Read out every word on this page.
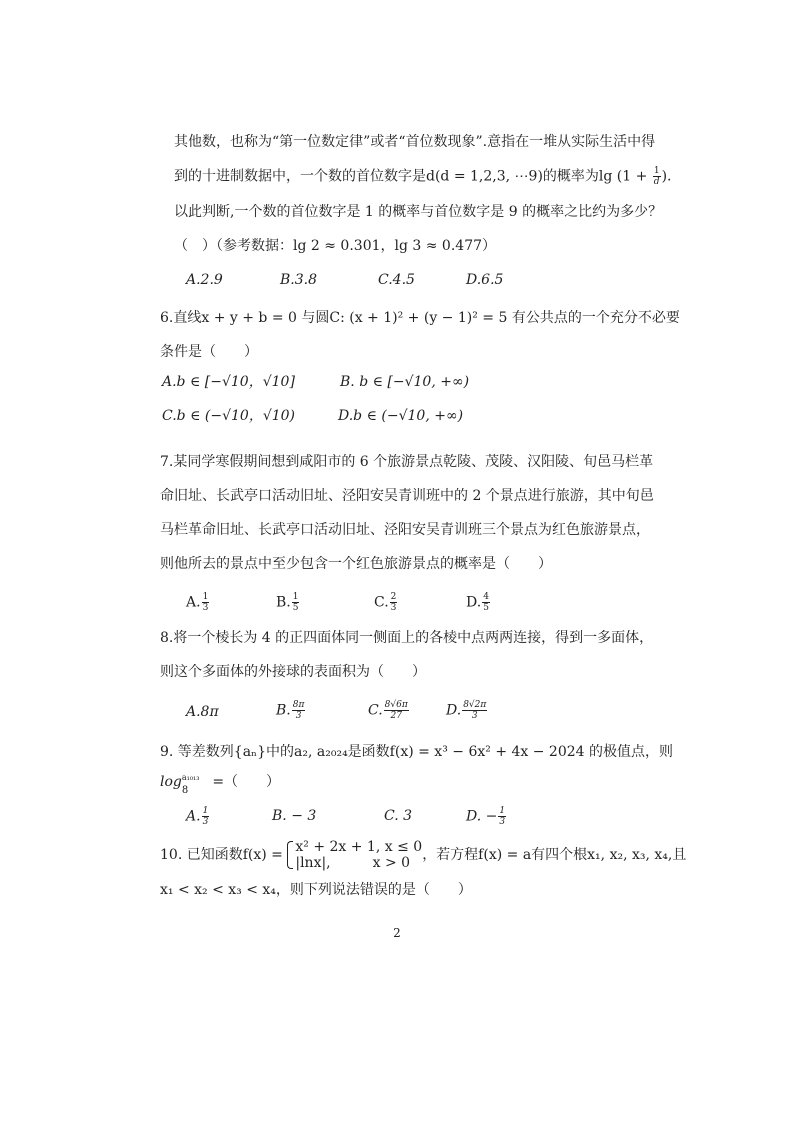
其他数，也称为“第一位数定律”或者“首位数现象”.意指在一堆从实际生活中得
到的十进制数据中，一个数的首位数字是d(d = 1,2,3, ⋯9)的概率为$\lg (1 + \frac{1}{d}$ ).
以此判断,一个数的首位数字是 1 的概率与首位数字是 9 的概率之比约为多少？
（　）（参考数据：lg 2 ≈ 0.301，lg 3 ≈ 0.477）
A.2.9	B.3.8	C.4.5	D.6.5
6.直线x + y + b = 0 与圆C: (x + 1)² + (y − 1)² = 5 有公共点的一个充分不必要
条件是（　　）
A.b ∈ [−√10，√10]	B. b ∈ [−√10, +∞)
C.b ∈ (−√10，√10)	D.b ∈ (−√10, +∞)
7.某同学寒假期间想到咸阳市的 6 个旅游景点乾陵、茂陵、汉阳陵、旬邑马栏革
命旧址、长武亭口活动旧址、泾阳安吴青训班中的 2 个景点进行旅游，其中旬邑
马栏革命旧址、长武亭口活动旧址、泾阳安吴青训班三个景点为红色旅游景点，
则他所去的景点中至少包含一个红色旅游景点的概率是（　　）
A. $\frac{1}{3}$	B. $\frac{1}{5}$	C. $\frac{2}{3}$	D. $\frac{4}{5}$
8.将一个棱长为 4 的正四面体同一侧面上的各棱中点两两连接，得到一多面体，
则这个多面体的外接球的表面积为（　　）
A.8π	B. $\frac{8\pi}{3}$	C. $\frac{8√6\pi}{27}$	D. $\frac{8√2\pi}{3}$
9. 等差数列{aₙ}中的a₂, a₂₀₂₄是函数f(x) = x³ − 6x² + 4x − 2024 的极值点，则
log a₁₀₁₃
8
=（　　）
A. $\frac{1}{3}$	B. − 3	C. 3	D. − $\frac{1}{3}$
10. 已知函数f(x) = x² + 2x + 1, x ≤ 0
|lnx|,　　　x > 0 ，若方程f(x) = a有四个根x₁, x₂, x₃, x₄,且
x₁ < x₂ < x₃ < x₄，则下列说法错误的是（　　）
2
